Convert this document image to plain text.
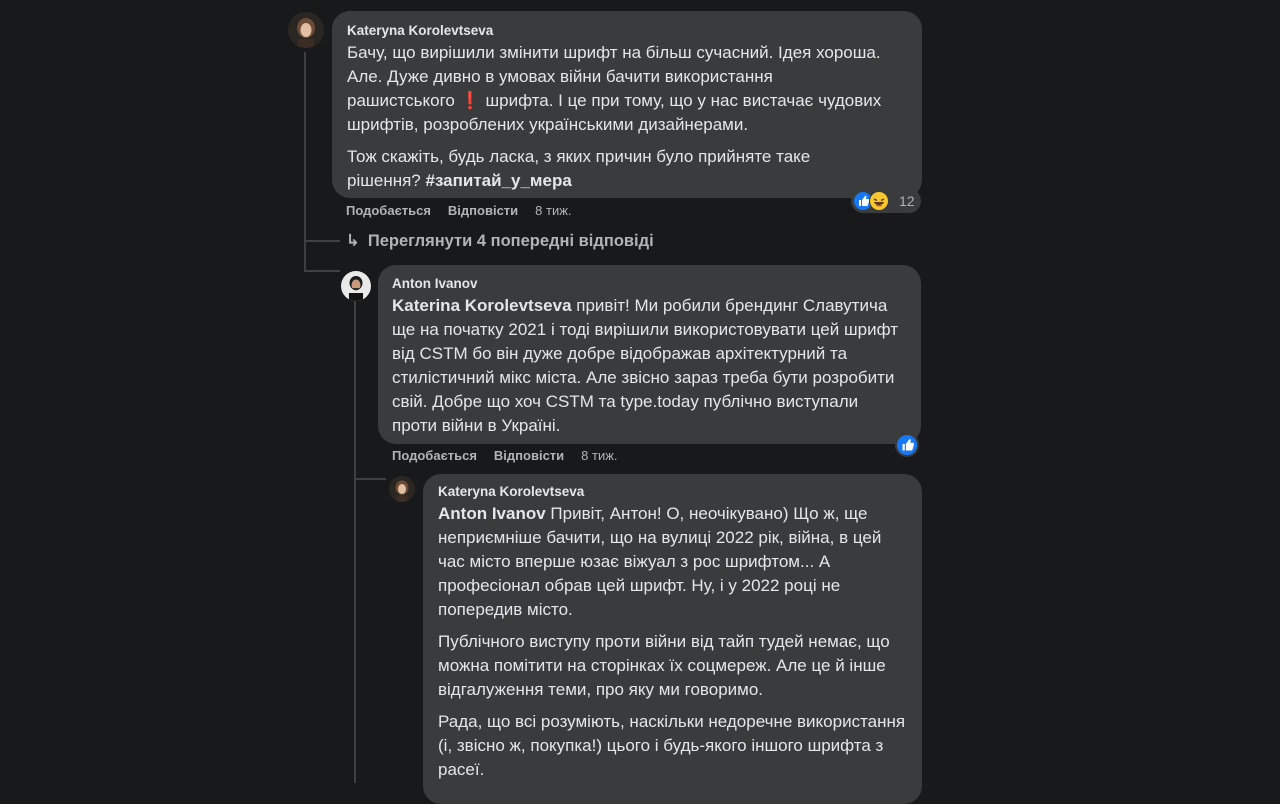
Kateryna Korolevtseva

Бачу, що вирішили змінити шрифт на більш сучасний. Ідея хороша.
Але. Дуже дивно в умовах війни бачити використання
рашистського ❗ шрифта. І це при тому, що у нас вистачає чудових
шрифтів, розроблених українськими дизайнерами.

Тож скажіть, будь ласка, з яких причин було прийняте таке рішення? #запитай_у_мера

12
Подобається Відповісти 8 тиж.
↳ Переглянути 4 попередні відповіді
Anton Ivanov

Katerina Korolevtseva привіт! Ми робили брендинг Славутича ще на початку 2021 і тоді вирішили використовувати цей шрифт від CSTM бо він дуже добре відображав архітектурний та стилістичний мікс міста. Але звісно зараз треба бути розробити свій. Добре що хоч CSTM та type.today публічно виступали проти війни в Україні.

Подобається Відповісти 8 тиж.
Kateryna Korolevtseva

Anton Ivanov Привіт, Антон! О, неочікувано) Що ж, ще неприємніше бачити, що на вулиці 2022 рік, війна, в цей час місто вперше юзає віжуал з рос шрифтом... А професіонал обрав цей шрифт. Ну, і у 2022 році не попередив місто.

Публічного виступу проти війни від тайп тудей немає, що можна помітити на сторінках їх соцмереж. Але це й інше відгалуження теми, про яку ми говоримо.

Рада, що всі розуміють, наскільки недоречне використання (і, звісно ж, покупка!) цього і будь-якого іншого шрифта з расеї.
